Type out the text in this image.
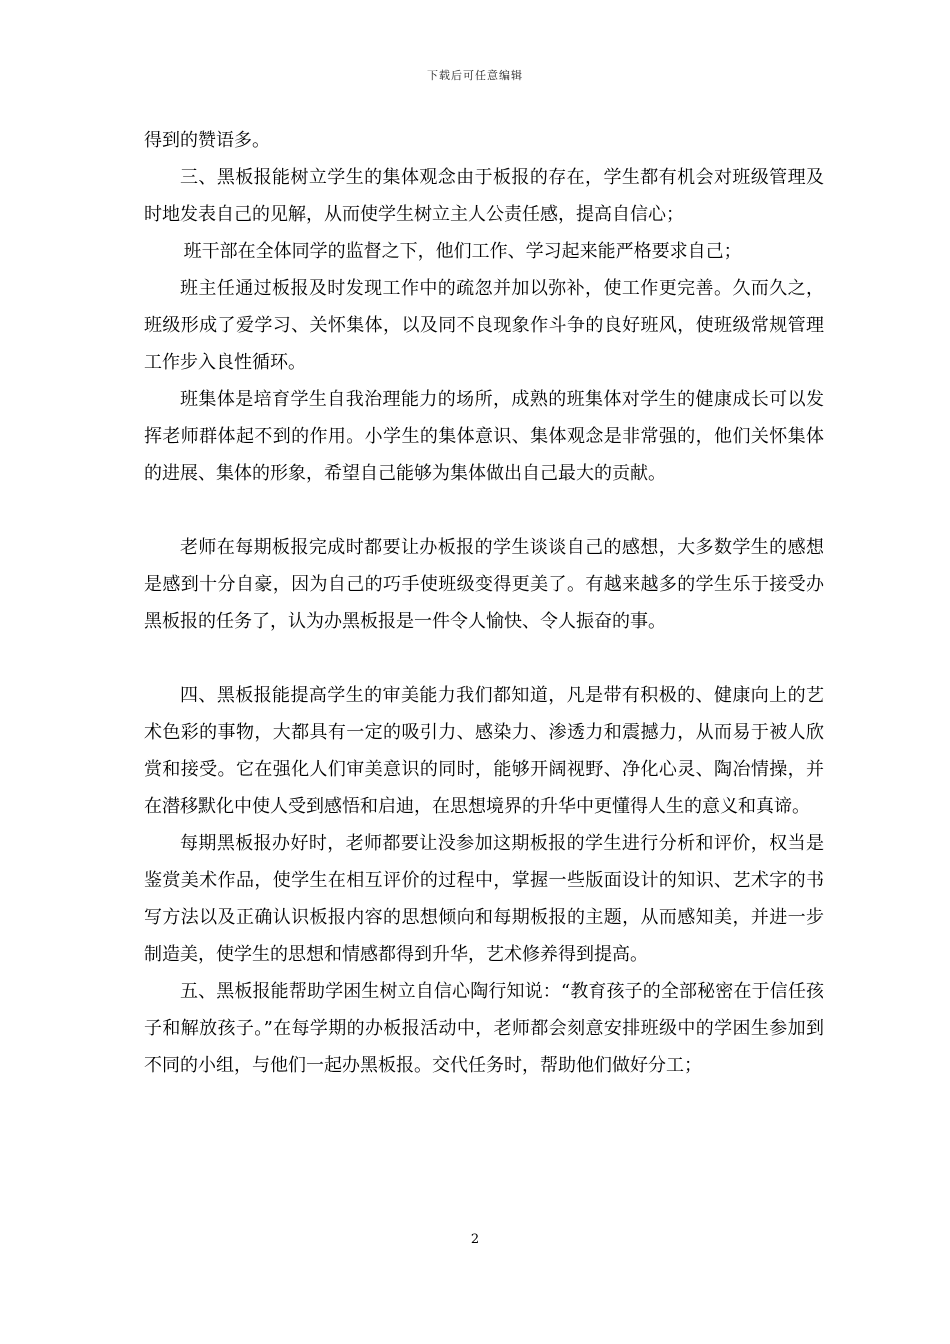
下载后可任意编辑

得到的赞语多。

三、黑板报能树立学生的集体观念由于板报的存在，学生都有机会对班级管理及时地发表自己的见解，从而使学生树立主人公责任感，提高自信心；

班干部在全体同学的监督之下，他们工作、学习起来能严格要求自己；

班主任通过板报及时发现工作中的疏忽并加以弥补，使工作更完善。久而久之，班级形成了爱学习、关怀集体，以及同不良现象作斗争的良好班风，使班级常规管理工作步入良性循环。

班集体是培育学生自我治理能力的场所，成熟的班集体对学生的健康成长可以发挥老师群体起不到的作用。小学生的集体意识、集体观念是非常强的，他们关怀集体的进展、集体的形象，希望自己能够为集体做出自己最大的贡献。

老师在每期板报完成时都要让办板报的学生谈谈自己的感想，大多数学生的感想是感到十分自豪，因为自己的巧手使班级变得更美了。有越来越多的学生乐于接受办黑板报的任务了，认为办黑板报是一件令人愉快、令人振奋的事。

四、黑板报能提高学生的审美能力我们都知道，凡是带有积极的、健康向上的艺术色彩的事物，大都具有一定的吸引力、感染力、渗透力和震撼力，从而易于被人欣赏和接受。它在强化人们审美意识的同时，能够开阔视野、净化心灵、陶冶情操，并在潜移默化中使人受到感悟和启迪，在思想境界的升华中更懂得人生的意义和真谛。

每期黑板报办好时，老师都要让没参加这期板报的学生进行分析和评价，权当是鉴赏美术作品，使学生在相互评价的过程中，掌握一些版面设计的知识、艺术字的书写方法以及正确认识板报内容的思想倾向和每期板报的主题，从而感知美，并进一步制造美，使学生的思想和情感都得到升华，艺术修养得到提高。

五、黑板报能帮助学困生树立自信心陶行知说：“教育孩子的全部秘密在于信任孩子和解放孩子。”在每学期的办板报活动中，老师都会刻意安排班级中的学困生参加到不同的小组，与他们一起办黑板报。交代任务时，帮助他们做好分工；

2
